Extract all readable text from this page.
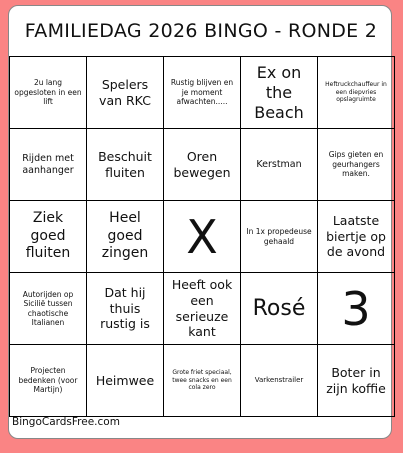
FAMILIEDAG 2026 BINGO - RONDE 2
2u lang opgesloten in een lift
Spelers van RKC
Rustig blijven en je moment afwachten.....
Ex on the Beach
Heftruckchauffeur in een diepvries opslagruimte
Rijden met aanhanger
Beschuit fluiten
Oren bewegen
Kerstman
Gips gieten en geurhangers maken.
Ziek goed fluiten
Heel goed zingen X	In 1x propedeuse gehaald
Laatste biertje op de avond
Autorijden op Sicilië tussen chaotische Italianen
Dat hij thuis rustig is
Heeft ook een serieuze kant
Rosé 3
Projecten bedenken (voor Martijn)
Heimwee	Grote friet speciaal, twee snacks en een cola zero
Varkenstrailer
Boter in zijn koffie
BingoCardsFree.com
